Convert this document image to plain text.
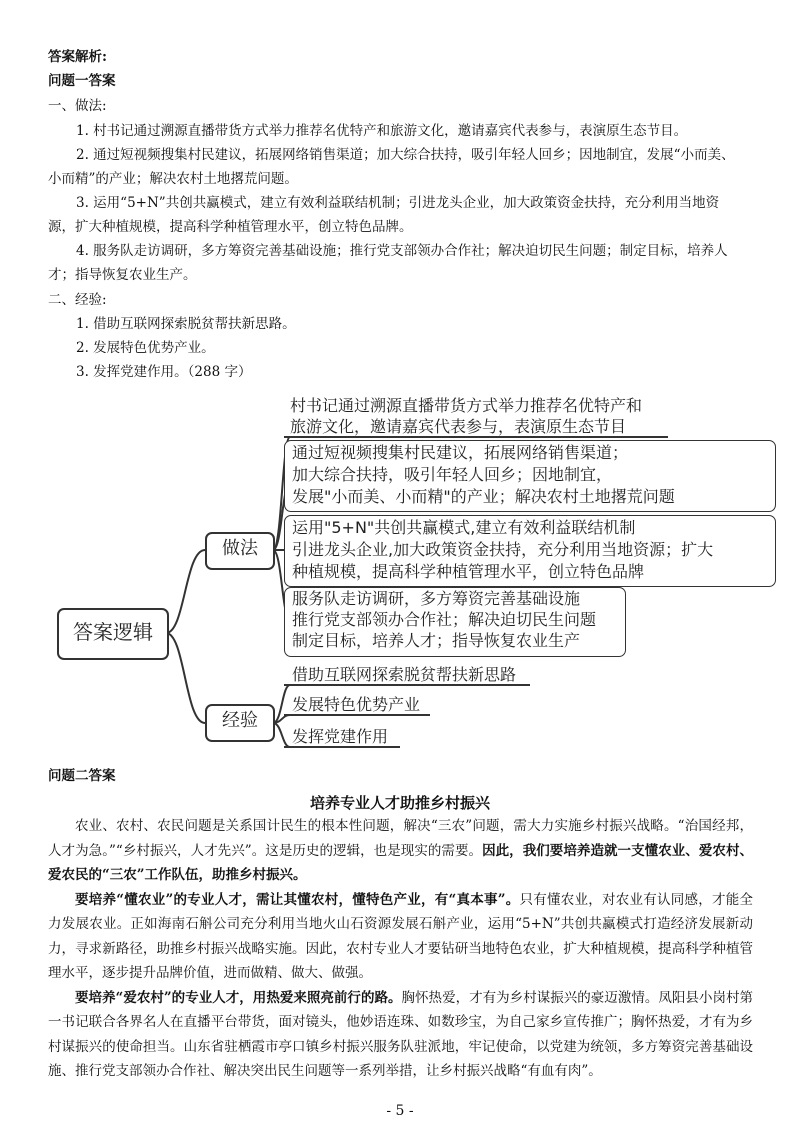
答案解析:
问题一答案
一、做法:
1. 村书记通过溯源直播带货方式举力推荐名优特产和旅游文化，邀请嘉宾代表参与，表演原生态节目。
2. 通过短视频搜集村民建议，拓展网络销售渠道；加大综合扶持，吸引年轻人回乡；因地制宜，发展“小而美、
小而精”的产业；解决农村土地撂荒问题。
3. 运用“5+N”共创共赢模式，建立有效利益联结机制；引进龙头企业，加大政策资金扶持，充分利用当地资
源，扩大种植规模，提高科学种植管理水平，创立特色品牌。
4. 服务队走访调研，多方筹资完善基础设施；推行党支部领办合作社；解决迫切民生问题；制定目标，培养人
才；指导恢复农业生产。
二、经验:
1. 借助互联网探索脱贫帮扶新思路。
2. 发展特色优势产业。
3. 发挥党建作用。（288 字）
答案逻辑
做法
经验
村书记通过溯源直播带货方式举力推荐名优特产和
旅游文化，邀请嘉宾代表参与，表演原生态节目
通过短视频搜集村民建议，拓展网络销售渠道；
加大综合扶持，吸引年轻人回乡；因地制宜，
发展"小而美、小而精"的产业；解决农村土地撂荒问题
运用"5+N"共创共赢模式,建立有效利益联结机制
引进龙头企业,加大政策资金扶持，充分利用当地资源；扩大
种植规模，提高科学种植管理水平，创立特色品牌
服务队走访调研，多方筹资完善基础设施
推行党支部领办合作社；解决迫切民生问题
制定目标，培养人才；指导恢复农业生产
借助互联网探索脱贫帮扶新思路
发展特色优势产业
发挥党建作用
问题二答案
培养专业人才助推乡村振兴

农业、农村、农民问题是关系国计民生的根本性问题，解决“三农”问题，需大力实施乡村振兴战略。“治国经邦，人才为急。”“乡村振兴，人才先兴”。这是历史的逻辑，也是现实的需要。因此，我们要培养造就一支懂农业、爱农村、爱农民的“三农”工作队伍，助推乡村振兴。

要培养“懂农业”的专业人才，需让其懂农村，懂特色产业，有“真本事”。只有懂农业，对农业有认同感，才能全力发展农业。正如海南石斛公司充分利用当地火山石资源发展石斛产业，运用“5+N”共创共赢模式打造经济发展新动力，寻求新路径，助推乡村振兴战略实施。因此，农村专业人才要钻研当地特色农业，扩大种植规模，提高科学种植管理水平，逐步提升品牌价值，进而做精、做大、做强。

要培养“爱农村”的专业人才，用热爱来照亮前行的路。胸怀热爱，才有为乡村谋振兴的豪迈激情。凤阳县小岗村第一书记联合各界名人在直播平台带货，面对镜头，他妙语连珠、如数珍宝，为自己家乡宣传推广；胸怀热爱，才有为乡村谋振兴的使命担当。山东省驻栖霞市亭口镇乡村振兴服务队驻派地，牢记使命，以党建为统领，多方筹资完善基础设施、推行党支部领办合作社、解决突出民生问题等一系列举措，让乡村振兴战略“有血有肉”。

- 5 -
